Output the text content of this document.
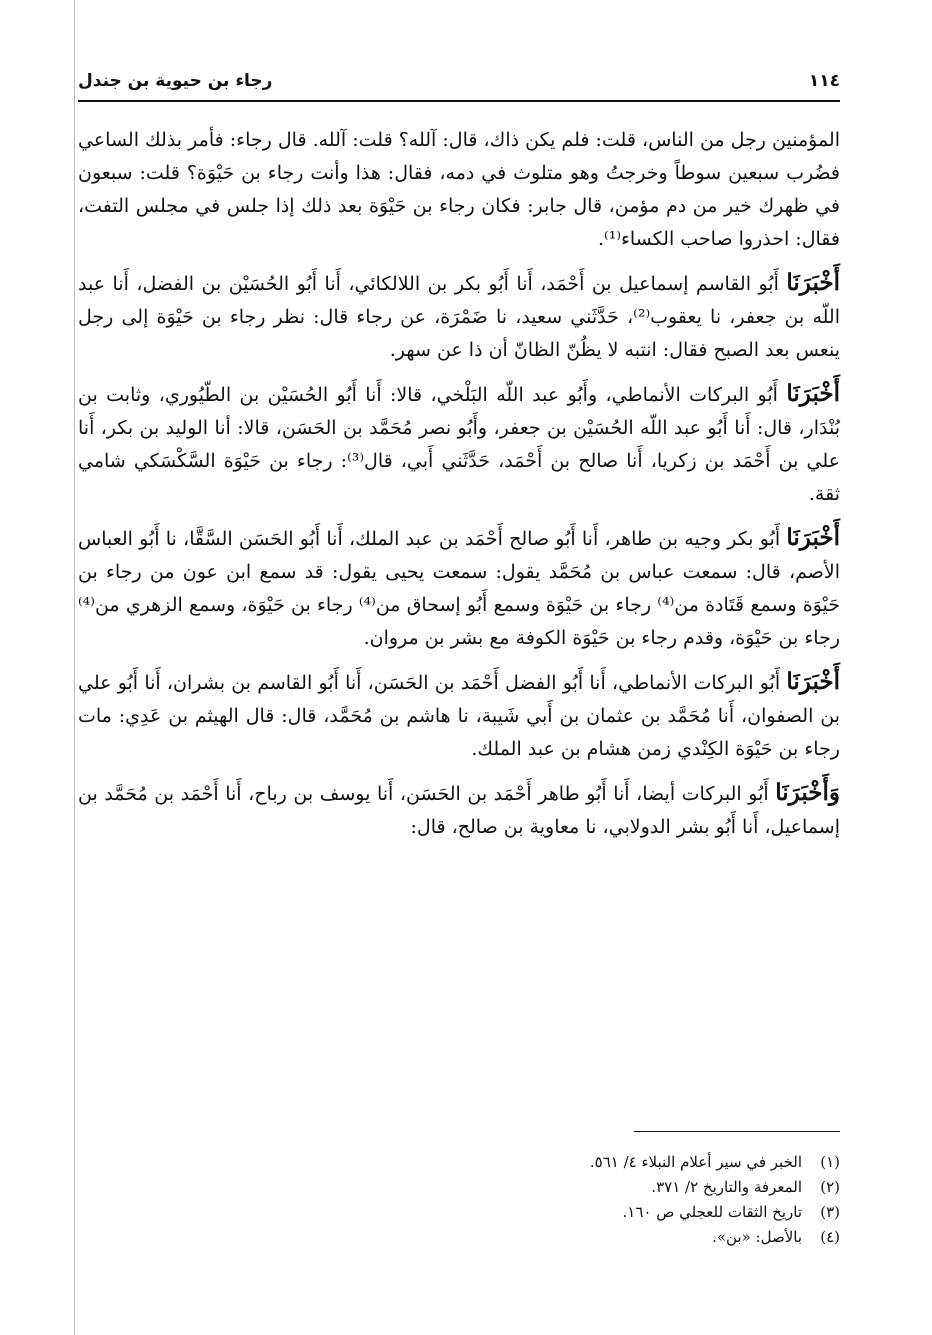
١١٤
رجاء بن حيوية بن جندل

المؤمنين رجل من الناس، قلت: فلم يكن ذاك، قال: آلله؟ قلت: آلله. قال رجاء: فأمر بذلك الساعي فضُرب سبعين سوطاً وخرجتُ وهو متلوث في دمه، فقال: هذا وأنت رجاء بن حَيْوَة؟ قلت: سبعون في ظهرك خير من دم مؤمن، قال جابر: فكان رجاء بن حَيْوَة بعد ذلك إذا جلس في مجلس التفت، فقال: احذروا صاحب الكساء⁽¹⁾.

أَخْبَرَنَا أَبُو القاسم إسماعيل بن أَحْمَد، أَنا أَبُو بكر بن اللالكائي، أَنا أَبُو الحُسَيْن بن الفضل، أَنا عبد اللّه بن جعفر، نا يعقوب⁽²⁾، حَدَّثَني سعيد، نا ضَمْرَة، عن رجاء قال: نظر رجاء بن حَيْوَة إلى رجل ينعس بعد الصبح فقال: انتبه لا يظُنّ الظانّ أن ذا عن سهر.

أَخْبَرَنَا أَبُو البركات الأنماطي، وأَبُو عبد اللّه البَلْخي، قالا: أَنا أَبُو الحُسَيْن بن الطّيُوري، وثابت بن بُنْدَار، قال: أَنا أَبُو عبد اللّه الحُسَيْن بن جعفر، وأَبُو نصر مُحَمَّد بن الحَسَن، قالا: أنا الوليد بن بكر، أَنا علي بن أَحْمَد بن زكريا، أَنا صالح بن أَحْمَد، حَدَّثَني أَبي، قال⁽³⁾: رجاء بن حَيْوَة السَّكْسَكي شامي ثقة.

أَخْبَرَنَا أَبُو بكر وجيه بن طاهر، أَنا أَبُو صالح أَحْمَد بن عبد الملك، أَنا أَبُو الحَسَن السَّقَّا، نا أَبُو العباس الأصم، قال: سمعت عباس بن مُحَمَّد يقول: سمعت يحيى يقول: قد سمع ابن عون من رجاء بن حَيْوَة وسمع قَتَادة من⁽⁴⁾ رجاء بن حَيْوَة وسمع أَبُو إسحاق من⁽⁴⁾ رجاء بن حَيْوَة، وسمع الزهري من⁽⁴⁾ رجاء بن حَيْوَة، وقدم رجاء بن حَيْوَة الكوفة مع بشر بن مروان.

أَخْبَرَنَا أَبُو البركات الأنماطي، أَنا أَبُو الفضل أَحْمَد بن الحَسَن، أَنا أَبُو القاسم بن بشران، أَنا أَبُو علي بن الصفوان، أَنا مُحَمَّد بن عثمان بن أَبي شَيبة، نا هاشم بن مُحَمَّد، قال: قال الهيثم بن عَدِي: مات رجاء بن حَيْوَة الكِنْدي زمن هشام بن عبد الملك.

وَأَخْبَرَنَا أَبُو البركات أيضا، أَنا أَبُو طاهر أَحْمَد بن الحَسَن، أَنا يوسف بن رباح، أَنا أَحْمَد بن مُحَمَّد بن إسماعيل، أَنا أَبُو بشر الدولابي، نا معاوية بن صالح، قال:

(١)
الخبر في سير أعلام النبلاء ٤/ ٥٦١.
(٢)
المعرفة والتاريخ ٢/ ٣٧١.
(٣)
تاريخ الثقات للعجلي ص ١٦٠.
(٤)
بالأصل: «بن».
